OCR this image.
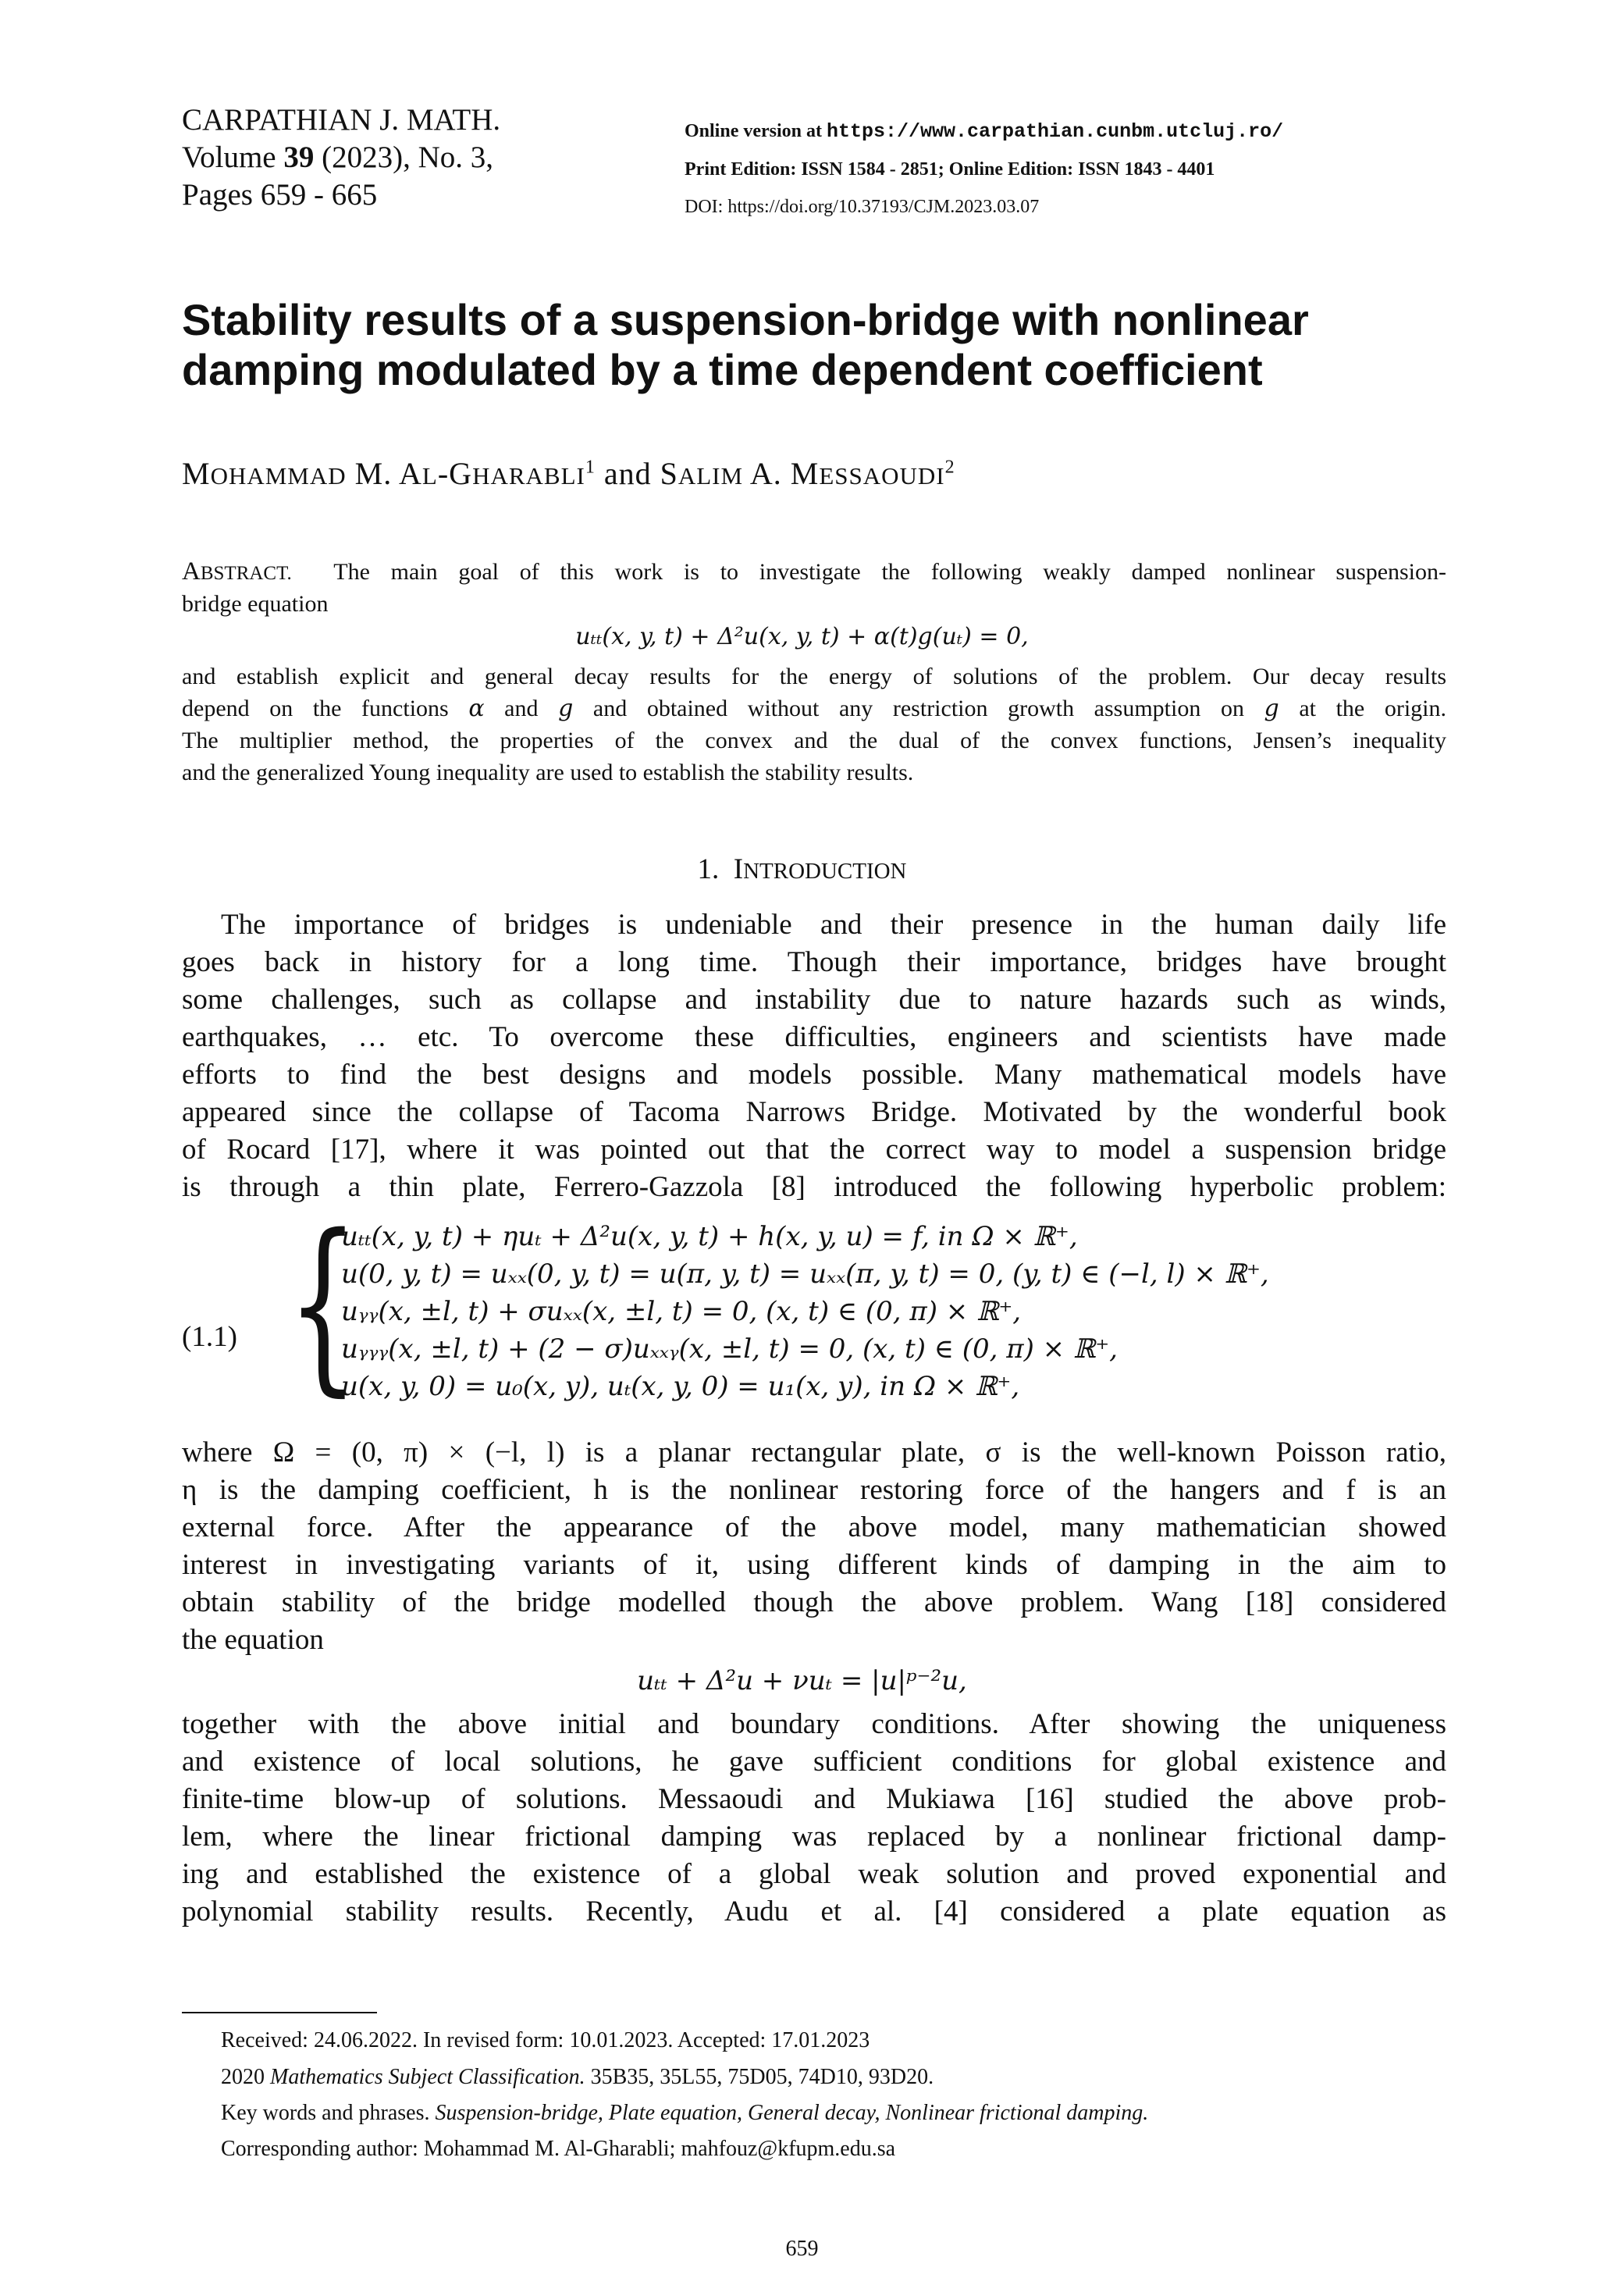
CARPATHIAN J. MATH.
Volume 39 (2023), No. 3,
Pages 659 - 665
Online version at https://www.carpathian.cunbm.utcluj.ro/
Print Edition: ISSN 1584 - 2851; Online Edition: ISSN 1843 - 4401
DOI: https://doi.org/10.37193/CJM.2023.03.07
Stability results of a suspension-bridge with nonlinear
damping modulated by a time dependent coefficient
MOHAMMAD M. AL-GHARABLI$^1$ and SALIM A. MESSAOUDI$^2$
ABSTRACT. The main goal of this work is to investigate the following weakly damped nonlinear suspension-
bridge equation
uₜₜ(x, y, t) + Δ²u(x, y, t) + α(t)g(uₜ) = 0,
and establish explicit and general decay results for the energy of solutions of the problem. Our decay results
depend on the functions α and g and obtained without any restriction growth assumption on g at the origin.
The multiplier method, the properties of the convex and the dual of the convex functions, Jensen’s inequality
and the generalized Young inequality are used to establish the stability results.
1. INTRODUCTION
The importance of bridges is undeniable and their presence in the human daily life
goes back in history for a long time. Though their importance, bridges have brought
some challenges, such as collapse and instability due to nature hazards such as winds,
earthquakes, … etc. To overcome these difficulties, engineers and scientists have made
efforts to find the best designs and models possible. Many mathematical models have
appeared since the collapse of Tacoma Narrows Bridge. Motivated by the wonderful book
of Rocard [17], where it was pointed out that the correct way to model a suspension bridge
is through a thin plate, Ferrero-Gazzola [8] introduced the following hyperbolic problem:
(1.1) {
uₜₜ(x, y, t) + ηuₜ + Δ²u(x, y, t) + h(x, y, u) = f, in Ω × ℝ⁺,
u(0, y, t) = uₓₓ(0, y, t) = u(π, y, t) = uₓₓ(π, y, t) = 0, (y, t) ∈ (−l, l) × ℝ⁺,
uᵧᵧ(x, ±l, t) + σuₓₓ(x, ±l, t) = 0, (x, t) ∈ (0, π) × ℝ⁺,
uᵧᵧᵧ(x, ±l, t) + (2 − σ)uₓₓᵧ(x, ±l, t) = 0, (x, t) ∈ (0, π) × ℝ⁺,
u(x, y, 0) = u₀(x, y), uₜ(x, y, 0) = u₁(x, y), in Ω × ℝ⁺,
where Ω = (0, π) × (−l, l) is a planar rectangular plate, σ is the well-known Poisson ratio,
η is the damping coefficient, h is the nonlinear restoring force of the hangers and f is an
external force. After the appearance of the above model, many mathematician showed
interest in investigating variants of it, using different kinds of damping in the aim to
obtain stability of the bridge modelled though the above problem. Wang [18] considered
the equation
uₜₜ + Δ²u + νuₜ = |u|ᵖ⁻²u,
together with the above initial and boundary conditions. After showing the uniqueness
and existence of local solutions, he gave sufficient conditions for global existence and
finite-time blow-up of solutions. Messaoudi and Mukiawa [16] studied the above prob-
lem, where the linear frictional damping was replaced by a nonlinear frictional damp-
ing and established the existence of a global weak solution and proved exponential and
polynomial stability results. Recently, Audu et al. [4] considered a plate equation as
Received: 24.06.2022. In revised form: 10.01.2023. Accepted: 17.01.2023
2020 Mathematics Subject Classification. 35B35, 35L55, 75D05, 74D10, 93D20.
Key words and phrases. Suspension-bridge, Plate equation, General decay, Nonlinear frictional damping.
Corresponding author: Mohammad M. Al-Gharabli; mahfouz@kfupm.edu.sa
659
